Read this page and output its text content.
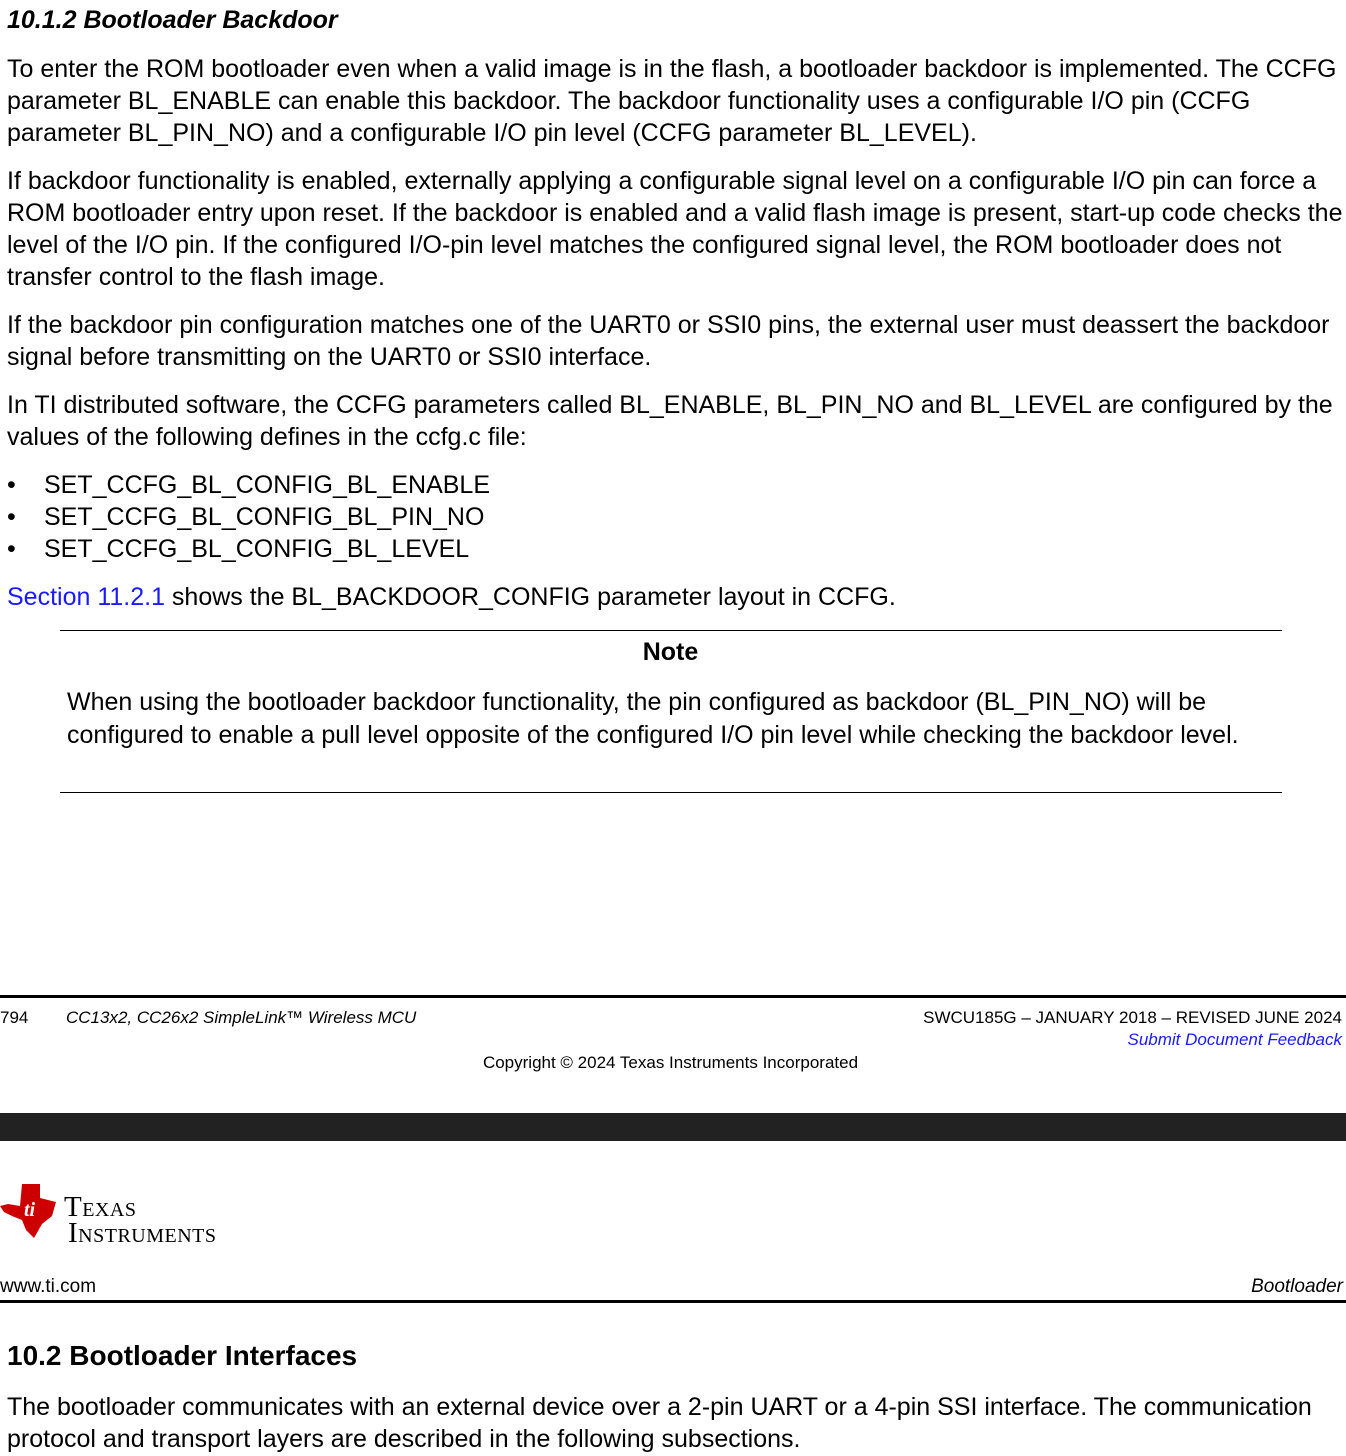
10.1.2 Bootloader Backdoor

To enter the ROM bootloader even when a valid image is in the flash, a bootloader backdoor is implemented. The CCFG parameter BL_ENABLE can enable this backdoor. The backdoor functionality uses a configurable I/O pin (CCFG parameter BL_PIN_NO) and a configurable I/O pin level (CCFG parameter BL_LEVEL).

If backdoor functionality is enabled, externally applying a configurable signal level on a configurable I/O pin can force a ROM bootloader entry upon reset. If the backdoor is enabled and a valid flash image is present, start-up code checks the level of the I/O pin. If the configured I/O-pin level matches the configured signal level, the ROM bootloader does not transfer control to the flash image.

If the backdoor pin configuration matches one of the UART0 or SSI0 pins, the external user must deassert the backdoor signal before transmitting on the UART0 or SSI0 interface.

In TI distributed software, the CCFG parameters called BL_ENABLE, BL_PIN_NO and BL_LEVEL are configured by the values of the following defines in the ccfg.c file:

• SET_CCFG_BL_CONFIG_BL_ENABLE
• SET_CCFG_BL_CONFIG_BL_PIN_NO
• SET_CCFG_BL_CONFIG_BL_LEVEL
Section 11.2.1 shows the BL_BACKDOOR_CONFIG parameter layout in CCFG.
Note
When using the bootloader backdoor functionality, the pin configured as backdoor (BL_PIN_NO) will be configured to enable a pull level opposite of the configured I/O pin level while checking the backdoor level.
794 CC13x2, CC26x2 SimpleLink™ Wireless MCU	SWCU185G – JANUARY 2018 – REVISED JUNE 2024
Submit Document Feedback
Copyright © 2024 Texas Instruments Incorporated
ti Texas
Instruments
www.ti.com	Bootloader
10.2 Bootloader Interfaces

The bootloader communicates with an external device over a 2-pin UART or a 4-pin SSI interface. The communication protocol and transport layers are described in the following subsections.
